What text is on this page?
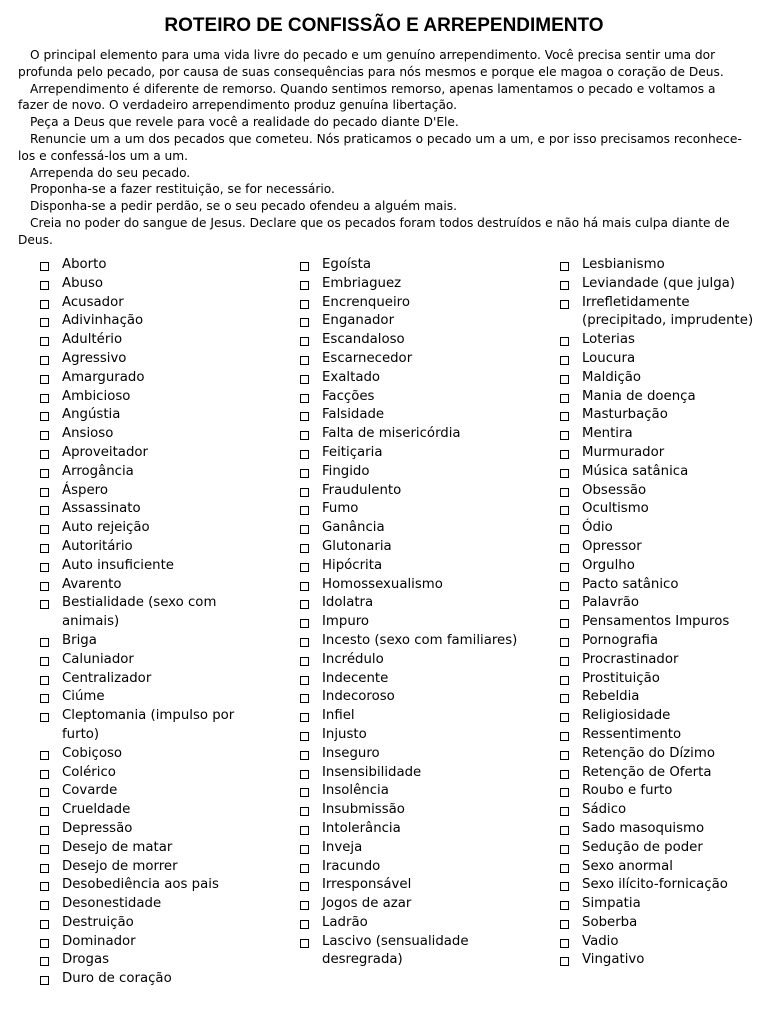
ROTEIRO DE CONFISSÃO E ARREPENDIMENTO

O principal elemento para uma vida livre do pecado e um genuíno arrependimento. Você precisa sentir uma dor profunda pelo pecado, por causa de suas consequências para nós mesmos e porque ele magoa o coração de Deus.

Arrependimento é diferente de remorso. Quando sentimos remorso, apenas lamentamos o pecado e voltamos a fazer de novo. O verdadeiro arrependimento produz genuína libertação.

Peça a Deus que revele para você a realidade do pecado diante D'Ele.

Renuncie um a um dos pecados que cometeu. Nós praticamos o pecado um a um, e por isso precisamos reconhece-los e confessá-los um a um.

Arrependa do seu pecado.

Proponha-se a fazer restituição, se for necessário.

Disponha-se a pedir perdão, se o seu pecado ofendeu a alguém mais.

Creia no poder do sangue de Jesus. Declare que os pecados foram todos destruídos e não há mais culpa diante de Deus.

Aborto
Abuso
Acusador
Adivinhação
Adultério
Agressivo
Amargurado
Ambicioso
Angústia
Ansioso
Aproveitador
Arrogância
Áspero
Assassinato
Auto rejeição
Autoritário
Auto insuficiente
Avarento
Bestialidade (sexo com animais)
Briga
Caluniador
Centralizador
Ciúme
Cleptomania (impulso por furto)
Cobiçoso
Colérico
Covarde
Crueldade
Depressão
Desejo de matar
Desejo de morrer
Desobediência aos pais
Desonestidade
Destruição
Dominador
Drogas
Duro de coração
Egoísta
Embriaguez
Encrenqueiro
Enganador
Escandaloso
Escarnecedor
Exaltado
Facções
Falsidade
Falta de misericórdia
Feitiçaria
Fingido
Fraudulento
Fumo
Ganância
Glutonaria
Hipócrita
Homossexualismo
Idolatra
Impuro
Incesto (sexo com familiares)
Incrédulo
Indecente
Indecoroso
Infiel
Injusto
Inseguro
Insensibilidade
Insolência
Insubmissão
Intolerância
Inveja
Iracundo
Irresponsável
Jogos de azar
Ladrão
Lascivo (sensualidade desregrada)
Lesbianismo
Leviandade (que julga)
Irrefletidamente (precipitado, imprudente)
Loterias
Loucura
Maldição
Mania de doença
Masturbação
Mentira
Murmurador
Música satânica
Obsessão
Ocultismo
Ódio
Opressor
Orgulho
Pacto satânico
Palavrão
Pensamentos Impuros
Pornografia
Procrastinador
Prostituição
Rebeldia
Religiosidade
Ressentimento
Retenção do Dízimo
Retenção de Oferta
Roubo e furto
Sádico
Sado masoquismo
Sedução de poder
Sexo anormal
Sexo ilícito-fornicação
Simpatia
Soberba
Vadio
Vingativo
